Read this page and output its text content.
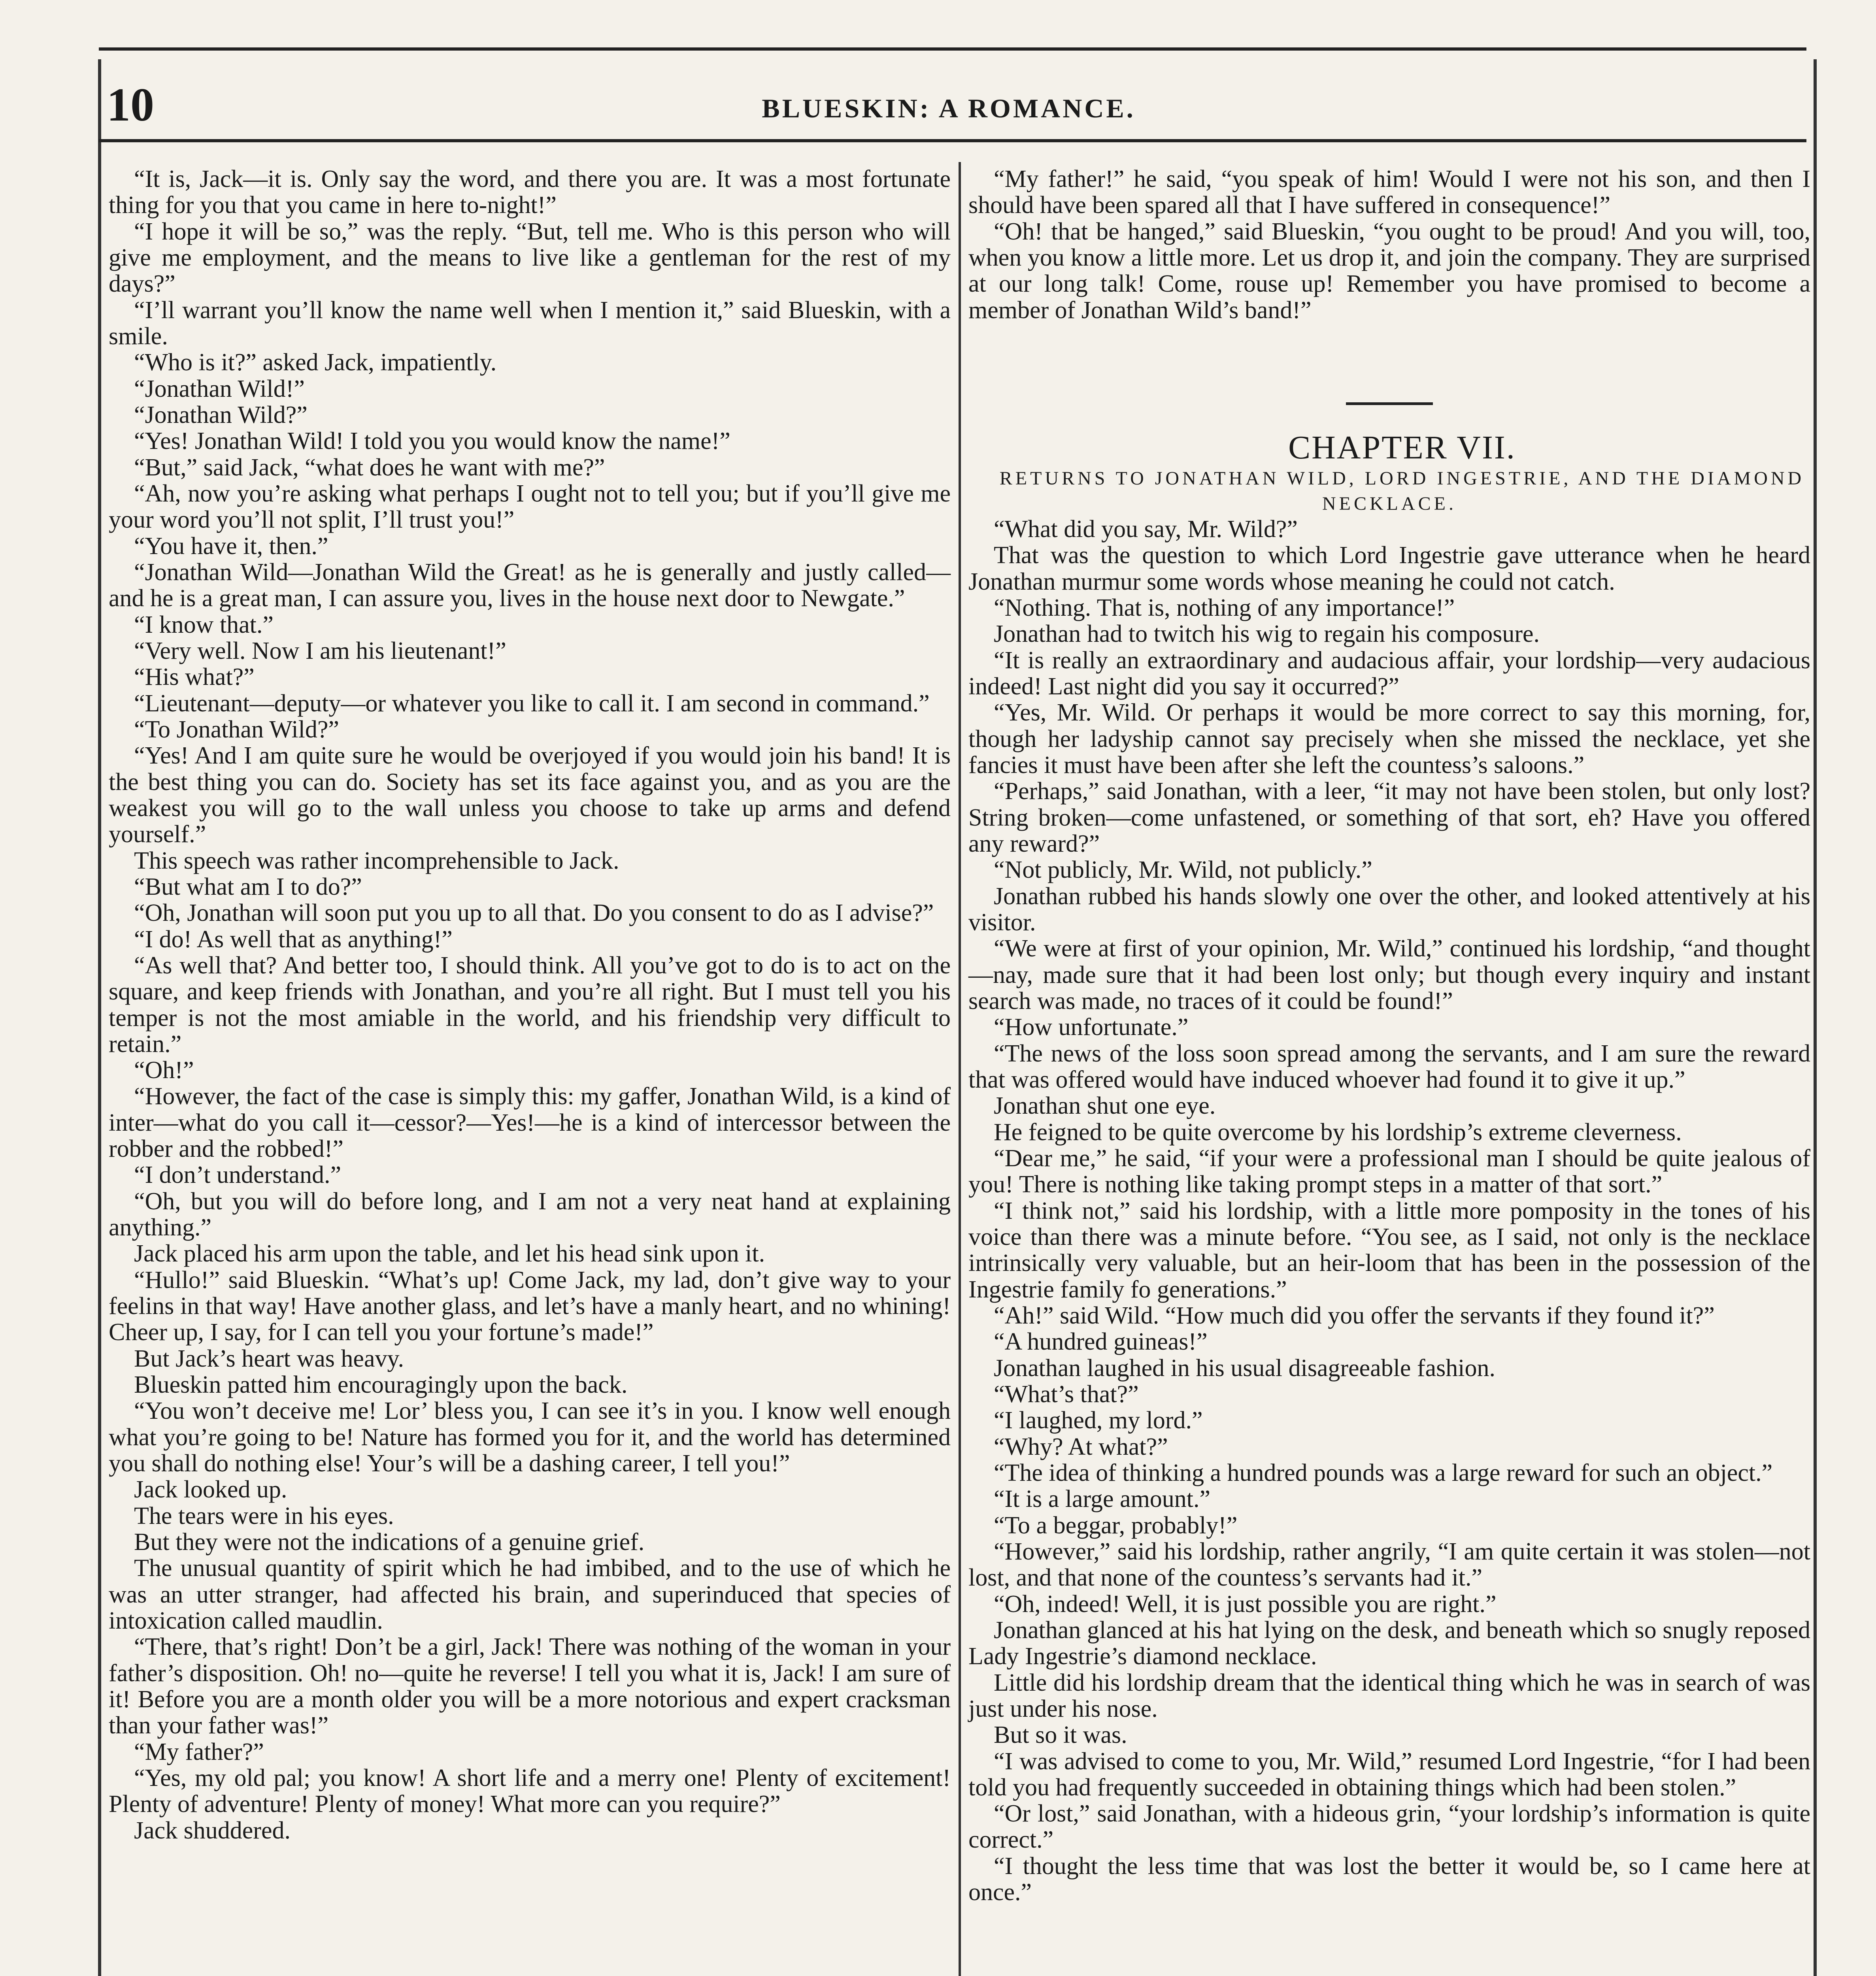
10	BLUESKIN: A ROMANCE.

“It is, Jack—it is. Only say the word, and there you are. It was a most fortunate thing for you that you came in here to-night!”

“I hope it will be so,” was the reply. “But, tell me. Who is this person who will give me employment, and the means to live like a gentleman for the rest of my days?”

“I’ll warrant you’ll know the name well when I mention it,” said Blueskin, with a smile.

“Who is it?” asked Jack, impatiently.

“Jonathan Wild!”

“Jonathan Wild?”

“Yes! Jonathan Wild! I told you you would know the name!”

“But,” said Jack, “what does he want with me?”

“Ah, now you’re asking what perhaps I ought not to tell you; but if you’ll give me your word you’ll not split, I’ll trust you!”

“You have it, then.”

“Jonathan Wild—Jonathan Wild the Great! as he is generally and justly called—and he is a great man, I can assure you, lives in the house next door to Newgate.”

“I know that.”

“Very well. Now I am his lieutenant!”

“His what?”

“Lieutenant—deputy—or whatever you like to call it. I am second in command.”

“To Jonathan Wild?”

“Yes! And I am quite sure he would be overjoyed if you would join his band! It is the best thing you can do. Society has set its face against you, and as you are the weakest you will go to the wall unless you choose to take up arms and defend yourself.”

This speech was rather incomprehensible to Jack.

“But what am I to do?”

“Oh, Jonathan will soon put you up to all that. Do you consent to do as I advise?”

“I do! As well that as anything!”

“As well that? And better too, I should think. All you’ve got to do is to act on the square, and keep friends with Jonathan, and you’re all right. But I must tell you his temper is not the most amiable in the world, and his friendship very difficult to retain.”

“Oh!”

“However, the fact of the case is simply this: my gaffer, Jonathan Wild, is a kind of inter—what do you call it—cessor?—Yes!—he is a kind of intercessor between the robber and the robbed!”

“I don’t understand.”

“Oh, but you will do before long, and I am not a very neat hand at explaining anything.”

Jack placed his arm upon the table, and let his head sink upon it.

“Hullo!” said Blueskin. “What’s up! Come Jack, my lad, don’t give way to your feelins in that way! Have another glass, and let’s have a manly heart, and no whining! Cheer up, I say, for I can tell you your fortune’s made!”

But Jack’s heart was heavy.

Blueskin patted him encouragingly upon the back.

“You won’t deceive me! Lor’ bless you, I can see it’s in you. I know well enough what you’re going to be! Nature has formed you for it, and the world has determined you shall do nothing else! Your’s will be a dashing career, I tell you!”

Jack looked up.

The tears were in his eyes.

But they were not the indications of a genuine grief.

The unusual quantity of spirit which he had imbibed, and to the use of which he was an utter stranger, had affected his brain, and superinduced that species of intoxication called maudlin.

“There, that’s right! Don’t be a girl, Jack! There was nothing of the woman in your father’s disposition. Oh! no—quite he reverse! I tell you what it is, Jack! I am sure of it! Before you are a month older you will be a more notorious and expert cracksman than your father was!”

“My father?”

“Yes, my old pal; you know! A short life and a merry one! Plenty of excitement! Plenty of adventure! Plenty of money! What more can you require?”

Jack shuddered.

“My father!” he said, “you speak of him! Would I were not his son, and then I should have been spared all that I have suffered in consequence!”

“Oh! that be hanged,” said Blueskin, “you ought to be proud! And you will, too, when you know a little more. Let us drop it, and join the company. They are surprised at our long talk! Come, rouse up! Remember you have promised to become a member of Jonathan Wild’s band!”

CHAPTER VII.

RETURNS TO JONATHAN WILD, LORD INGESTRIE, AND THE DIAMOND NECKLACE.

“What did you say, Mr. Wild?”

That was the question to which Lord Ingestrie gave utterance when he heard Jonathan murmur some words whose meaning he could not catch.

“Nothing. That is, nothing of any importance!”

Jonathan had to twitch his wig to regain his composure.

“It is really an extraordinary and audacious affair, your lordship—very audacious indeed! Last night did you say it occurred?”

“Yes, Mr. Wild. Or perhaps it would be more correct to say this morning, for, though her ladyship cannot say precisely when she missed the necklace, yet she fancies it must have been after she left the countess’s saloons.”

“Perhaps,” said Jonathan, with a leer, “it may not have been stolen, but only lost? String broken—come unfastened, or something of that sort, eh? Have you offered any reward?”

“Not publicly, Mr. Wild, not publicly.”

Jonathan rubbed his hands slowly one over the other, and looked attentively at his visitor.

“We were at first of your opinion, Mr. Wild,” continued his lordship, “and thought—nay, made sure that it had been lost only; but though every inquiry and instant search was made, no traces of it could be found!”

“How unfortunate.”

“The news of the loss soon spread among the servants, and I am sure the reward that was offered would have induced whoever had found it to give it up.”

Jonathan shut one eye.

He feigned to be quite overcome by his lordship’s extreme cleverness.

“Dear me,” he said, “if your were a professional man I should be quite jealous of you! There is nothing like taking prompt steps in a matter of that sort.”

“I think not,” said his lordship, with a little more pomposity in the tones of his voice than there was a minute before. “You see, as I said, not only is the necklace intrinsically very valuable, but an heir-loom that has been in the possession of the Ingestrie family fo generations.”

“Ah!” said Wild. “How much did you offer the servants if they found it?”

“A hundred guineas!”

Jonathan laughed in his usual disagreeable fashion.

“What’s that?”

“I laughed, my lord.”

“Why? At what?”

“The idea of thinking a hundred pounds was a large reward for such an object.”

“It is a large amount.”

“To a beggar, probably!”

“However,” said his lordship, rather angrily, “I am quite certain it was stolen—not lost, and that none of the countess’s servants had it.”

“Oh, indeed! Well, it is just possible you are right.”

Jonathan glanced at his hat lying on the desk, and beneath which so snugly reposed Lady Ingestrie’s diamond necklace.

Little did his lordship dream that the identical thing which he was in search of was just under his nose.

But so it was.

“I was advised to come to you, Mr. Wild,” resumed Lord Ingestrie, “for I had been told you had frequently succeeded in obtaining things which had been stolen.”

“Or lost,” said Jonathan, with a hideous grin, “your lordship’s information is quite correct.”

“I thought the less time that was lost the better it would be, so I came here at once.”
